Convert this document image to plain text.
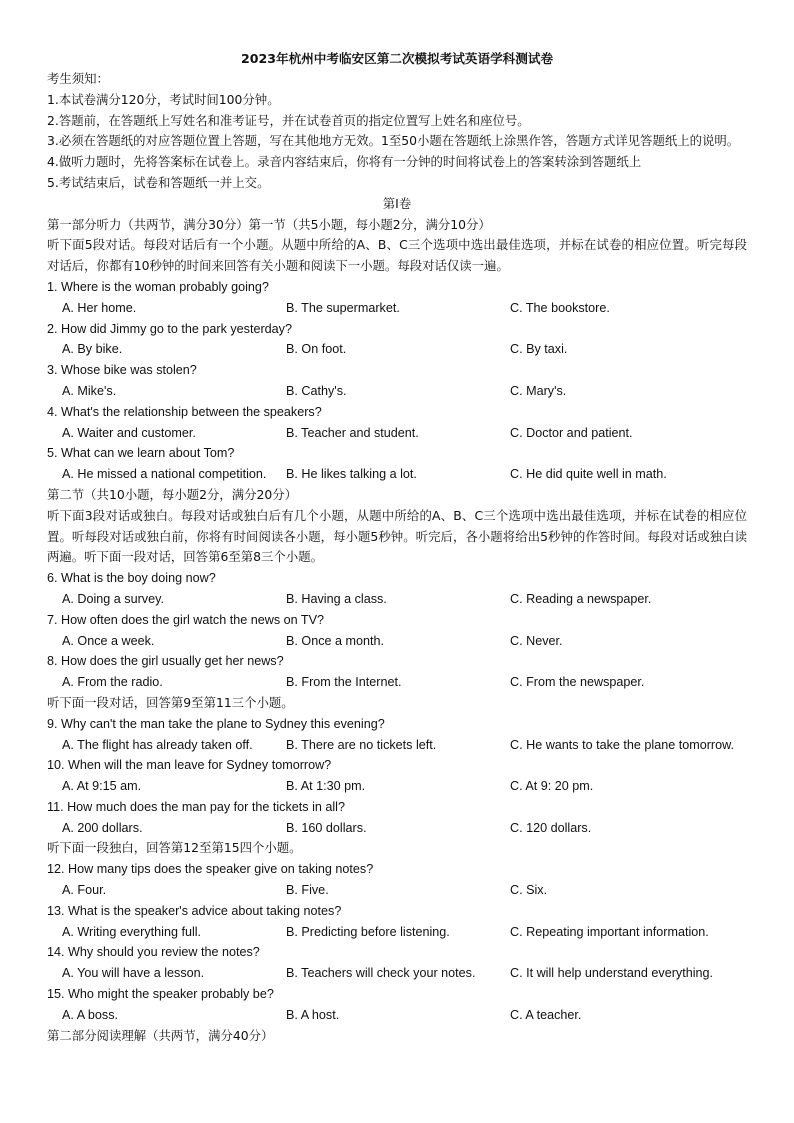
2023年杭州中考临安区第二次模拟考试英语学科测试卷
考生须知：
1.本试卷满分120分，考试时间100分钟。
2.答题前，在答题纸上写姓名和准考证号，并在试卷首页的指定位置写上姓名和座位号。
3.必须在答题纸的对应答题位置上答题，写在其他地方无效。1至50小题在答题纸上涂黑作答，答题方式详见答题纸上的说明。
4.做听力题时，先将答案标在试卷上。录音内容结束后，你将有一分钟的时间将试卷上的答案转涂到答题纸上
5.考试结束后，试卷和答题纸一并上交。
第Ⅰ卷
第一部分听力（共两节，满分30分）第一节（共5小题，每小题2分，满分10分）
听下面5段对话。每段对话后有一个小题。从题中所给的A、B、C三个选项中选出最佳选项，并标在试卷的相应位置。听完每段对话后，你都有10秒钟的时间来回答有关小题和阅读下一小题。每段对话仅读一遍。
1. Where is the woman probably going?
A. Her home.	B. The supermarket.	C. The bookstore.
2. How did Jimmy go to the park yesterday?
A. By bike.	B. On foot.	C. By taxi.
3. Whose bike was stolen?
A. Mike's.	B. Cathy's.	C. Mary's.
4. What's the relationship between the speakers?
A. Waiter and customer.	B. Teacher and student.	C. Doctor and patient.
5. What can we learn about Tom?
A. He missed a national competition.	B. He likes talking a lot.	C. He did quite well in math.
第二节（共10小题，每小题2分，满分20分）
听下面3段对话或独白。每段对话或独白后有几个小题，从题中所给的A、B、C三个选项中选出最佳选项，并标在试卷的相应位置。听每段对话或独白前，你将有时间阅读各小题，每小题5秒钟。听完后，各小题将给出5秒钟的作答时间。每段对话或独白读两遍。听下面一段对话，回答第6至第8三个小题。
6. What is the boy doing now?
A. Doing a survey.	B. Having a class.	C. Reading a newspaper.
7. How often does the girl watch the news on TV?
A. Once a week.	B. Once a month.	C. Never.
8. How does the girl usually get her news?
A. From the radio.	B. From the Internet.	C. From the newspaper.
听下面一段对话，回答第9至第11三个小题。
9. Why can't the man take the plane to Sydney this evening?
A. The flight has already taken off.	B. There are no tickets left.	C. He wants to take the plane tomorrow.
10. When will the man leave for Sydney tomorrow?
A. At 9:15 am.	B. At 1:30 pm.	C. At 9: 20 pm.
11. How much does the man pay for the tickets in all?
A. 200 dollars.	B. 160 dollars.	C. 120 dollars.
听下面一段独白，回答第12至第15四个小题。
12. How many tips does the speaker give on taking notes?
A. Four.	B. Five.	C. Six.
13. What is the speaker's advice about taking notes?
A. Writing everything full.	B. Predicting before listening.	C. Repeating important information.
14. Why should you review the notes?
A. You will have a lesson.	B. Teachers will check your notes.	C. It will help understand everything.
15. Who might the speaker probably be?
A. A boss.	B. A host.	C. A teacher.
第二部分阅读理解（共两节，满分40分）
